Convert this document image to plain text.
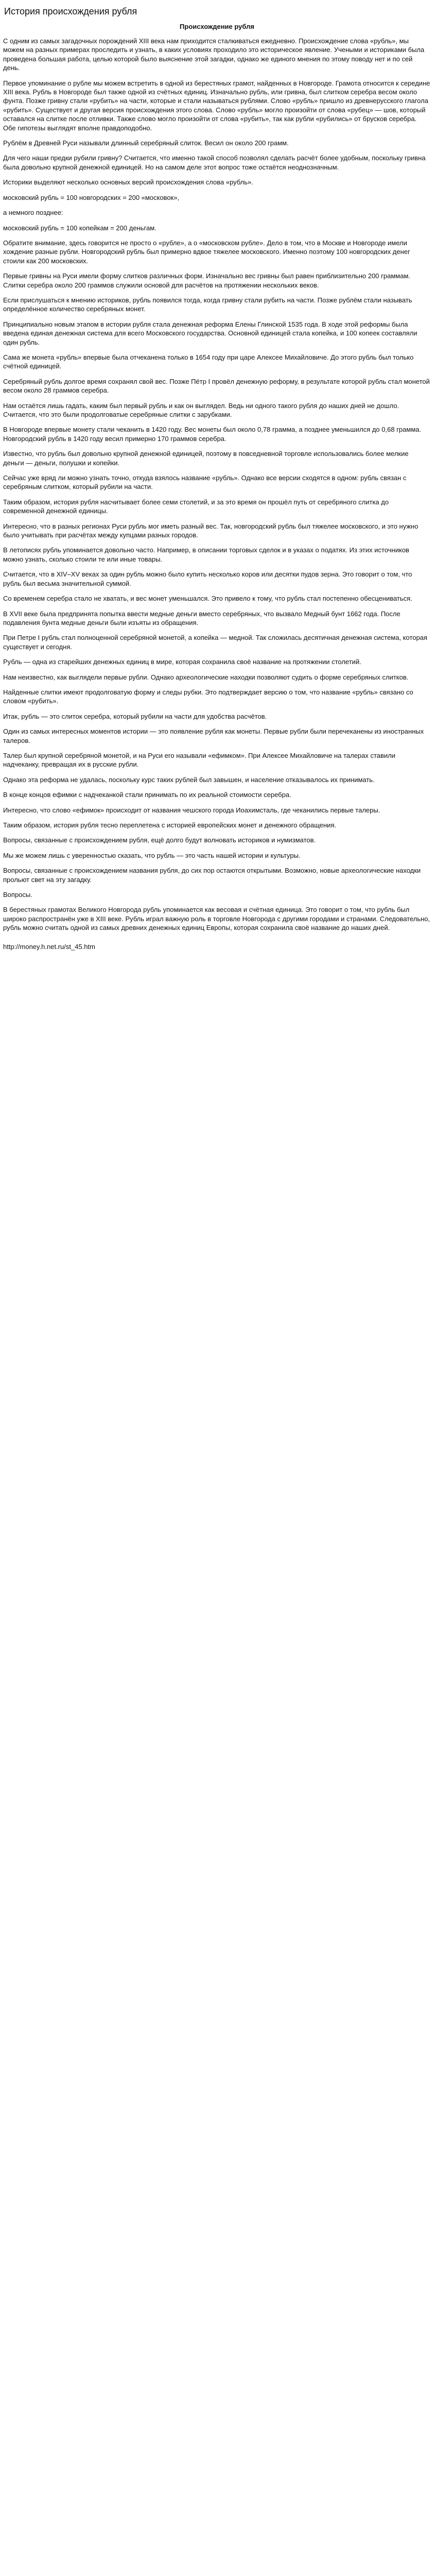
История происхождения рубля
Происхождение рубля

С одним из самых загадочных порождений XIII века нам приходится сталкиваться ежедневно. Происхождение слова «рубль», мы можем на разных примерах проследить и узнать, в каких условиях проходило это историческое явление. Учеными и историками была проведена большая работа, целью которой было выяснение этой загадки, однако же единого мнения по этому поводу нет и по сей день.

Первое упоминание о рубле мы можем встретить в одной из берестяных грамот, найденных в Новгороде. Грамота относится к середине XIII века. Рубль в Новгороде был также одной из счётных единиц. Изначально рубль, или гривна, был слитком серебра весом около фунта. Позже гривну стали «рубить» на части, которые и стали называться рублями. Слово «рубль» пришло из древнерусского глагола «рубить». Существует и другая версия происхождения этого слова. Слово «рубль» могло произойти от слова «рубец» — шов, который оставался на слитке после отливки. Также слово могло произойти от слова «рубить», так как рубли «рубились» от брусков серебра. Обе гипотезы выглядят вполне правдоподобно.

Рублём в Древней Руси называли длинный серебряный слиток. Весил он около 200 грамм.

Для чего наши предки рубили гривну? Считается, что именно такой способ позволял сделать расчёт более удобным, поскольку гривна была довольно крупной денежной единицей. Но на самом деле этот вопрос тоже остаётся неоднозначным.

Историки выделяют несколько основных версий происхождения слова «рубль».

московский рубль = 100 новгородских = 200 «московок»,

а немного позднее:

московский рубль = 100 копейкам = 200 деньгам.

Обратите внимание, здесь говорится не просто о «рубле», а о «московском рубле». Дело в том, что в Москве и Новгороде имели хождение разные рубли. Новгородский рубль был примерно вдвое тяжелее московского. Именно поэтому 100 новгородских денег стоили как 200 московских.

Первые гривны на Руси имели форму слитков различных форм. Изначально вес гривны был равен приблизительно 200 граммам. Слитки серебра около 200 граммов служили основой для расчётов на протяжении нескольких веков.

Если прислушаться к мнению историков, рубль появился тогда, когда гривну стали рубить на части. Позже рублём стали называть определённое количество серебряных монет.

Принципиально новым этапом в истории рубля стала денежная реформа Елены Глинской 1535 года. В ходе этой реформы была введена единая денежная система для всего Московского государства. Основной единицей стала копейка, и 100 копеек составляли один рубль.

Сама же монета «рубль» впервые была отчеканена только в 1654 году при царе Алексее Михайловиче. До этого рубль был только счётной единицей.

Серебряный рубль долгое время сохранял свой вес. Позже Пётр I провёл денежную реформу, в результате которой рубль стал монетой весом около 28 граммов серебра.

Нам остаётся лишь гадать, каким был первый рубль и как он выглядел. Ведь ни одного такого рубля до наших дней не дошло. Считается, что это были продолговатые серебряные слитки с зарубками.

В Новгороде впервые монету стали чеканить в 1420 году. Вес монеты был около 0,78 грамма, а позднее уменьшился до 0,68 грамма. Новгородский рубль в 1420 году весил примерно 170 граммов серебра.

Известно, что рубль был довольно крупной денежной единицей, поэтому в повседневной торговле использовались более мелкие деньги — деньги, полушки и копейки.

Сейчас уже вряд ли можно узнать точно, откуда взялось название «рубль». Однако все версии сходятся в одном: рубль связан с серебряным слитком, который рубили на части.

Таким образом, история рубля насчитывает более семи столетий, и за это время он прошёл путь от серебряного слитка до современной денежной единицы.

Интересно, что в разных регионах Руси рубль мог иметь разный вес. Так, новгородский рубль был тяжелее московского, и это нужно было учитывать при расчётах между купцами разных городов.

В летописях рубль упоминается довольно часто. Например, в описании торговых сделок и в указах о податях. Из этих источников можно узнать, сколько стоили те или иные товары.

Считается, что в XIV–XV веках за один рубль можно было купить несколько коров или десятки пудов зерна. Это говорит о том, что рубль был весьма значительной суммой.

Со временем серебра стало не хватать, и вес монет уменьшался. Это привело к тому, что рубль стал постепенно обесцениваться.

В XVII веке была предпринята попытка ввести медные деньги вместо серебряных, что вызвало Медный бунт 1662 года. После подавления бунта медные деньги были изъяты из обращения.

При Петре I рубль стал полноценной серебряной монетой, а копейка — медной. Так сложилась десятичная денежная система, которая существует и сегодня.

Рубль — одна из старейших денежных единиц в мире, которая сохранила своё название на протяжении столетий.

Нам неизвестно, как выглядели первые рубли. Однако археологические находки позволяют судить о форме серебряных слитков.

Найденные слитки имеют продолговатую форму и следы рубки. Это подтверждает версию о том, что название «рубль» связано со словом «рубить».

Итак, рубль — это слиток серебра, который рубили на части для удобства расчётов.

Один из самых интересных моментов истории — это появление рубля как монеты. Первые рубли были перечеканены из иностранных талеров.

Талер был крупной серебряной монетой, и на Руси его называли «ефимком». При Алексее Михайловиче на талерах ставили надчеканку, превращая их в русские рубли.

Однако эта реформа не удалась, поскольку курс таких рублей был завышен, и население отказывалось их принимать.

В конце концов ефимки с надчеканкой стали принимать по их реальной стоимости серебра.

Интересно, что слово «ефимок» происходит от названия чешского города Иоахимсталь, где чеканились первые талеры.

Таким образом, история рубля тесно переплетена с историей европейских монет и денежного обращения.

Вопросы, связанные с происхождением рубля, ещё долго будут волновать историков и нумизматов.

Мы же можем лишь с уверенностью сказать, что рубль — это часть нашей истории и культуры.

Вопросы, связанные с происхождением названия рубля, до сих пор остаются открытыми. Возможно, новые археологические находки прольют свет на эту загадку.

Вопросы.

В берестяных грамотах Великого Новгорода рубль упоминается как весовая и счётная единица. Это говорит о том, что рубль был широко распространён уже в XIII веке. Рубль играл важную роль в торговле Новгорода с другими городами и странами. Следовательно, рубль можно считать одной из самых древних денежных единиц Европы, которая сохранила своё название до наших дней.

http://money.h.net.ru/st_45.htm
